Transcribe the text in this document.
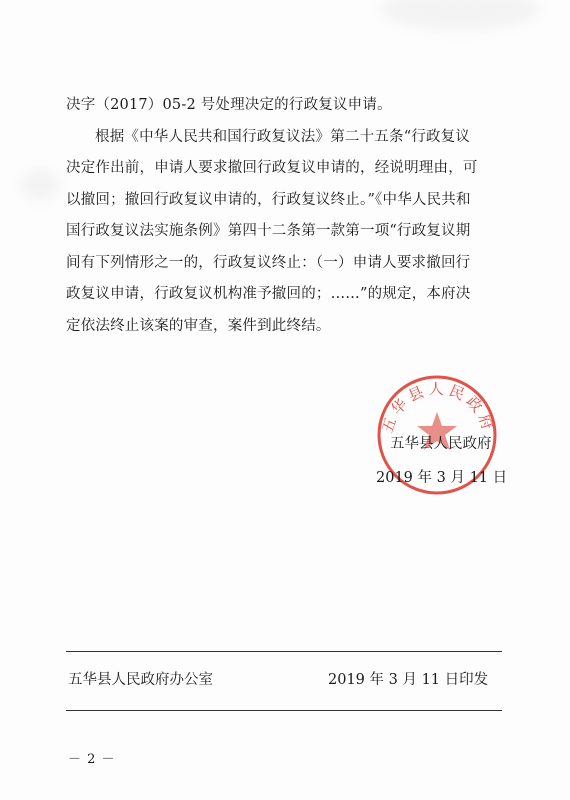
决字（2017）05-2 号处理决定的行政复议申请。
根据《中华人民共和国行政复议法》第二十五条“行政复议
决定作出前，申请人要求撤回行政复议申请的，经说明理由，可
以撤回；撤回行政复议申请的，行政复议终止。”《中华人民共和
国行政复议法实施条例》第四十二条第一款第一项“行政复议期
间有下列情形之一的，行政复议终止：（一）申请人要求撤回行
政复议申请，行政复议机构准予撤回的；……”的规定，本府决
定依法终止该案的审查，案件到此终结。
五华县人民政府
五华县人民政府
2019 年 3 月 11 日
五华县人民政府办公室	2019 年 3 月 11 日印发
－ 2 －
